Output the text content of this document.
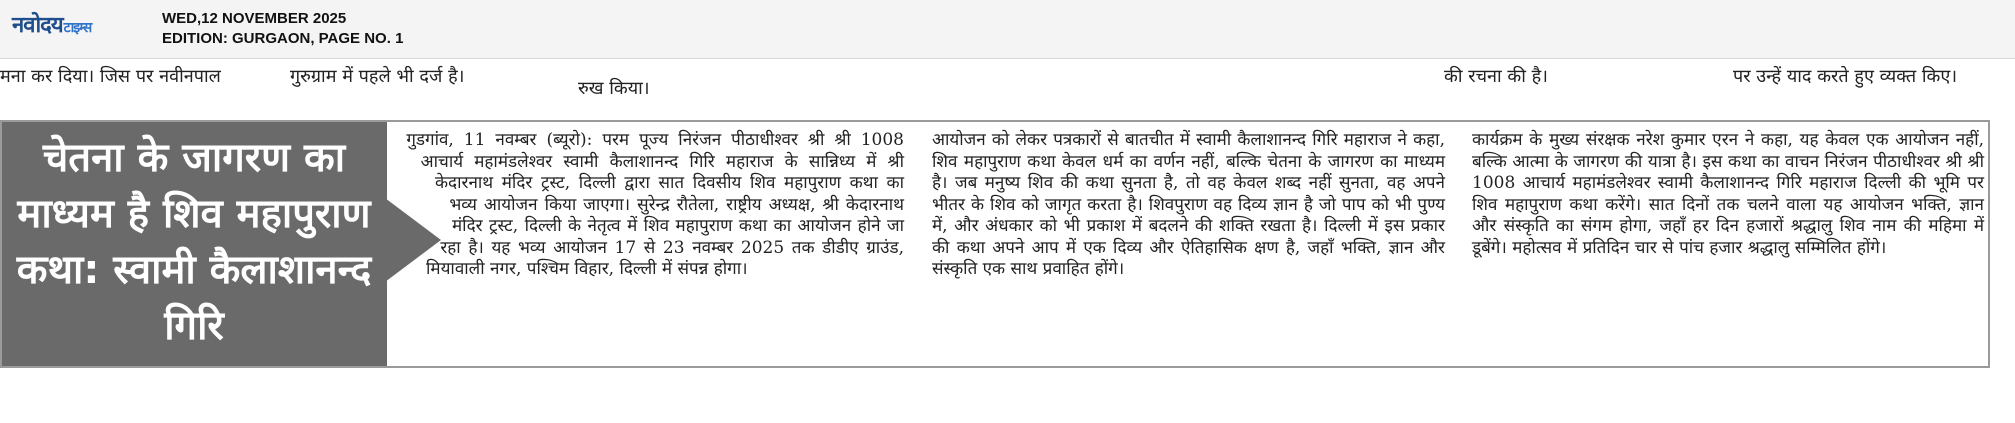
नवोदयटाइम्स
WED,12 NOVEMBER 2025
EDITION: GURGAON, PAGE NO. 1
मना कर दिया। जिस पर नवीनपाल	गुरुग्राम में पहले भी दर्ज है।
रुख किया।
की रचना की है।	पर उन्हें याद करते हुए व्यक्त किए।
चेतना के जागरण का माध्यम है शिव महापुराण कथा: स्वामी कैलाशानन्द गिरि

गुडगांव, 11 नवम्बर (ब्यूरो): परम पूज्य निरंजन पीठाधीश्वर श्री श्री 1008 आचार्य महामंडलेश्वर स्वामी कैलाशानन्द गिरि महाराज के सान्निध्य में श्री केदारनाथ मंदिर ट्रस्ट, दिल्ली द्वारा सात दिवसीय शिव महापुराण कथा का भव्य आयोजन किया जाएगा। सुरेन्द्र रौतेला, राष्ट्रीय अध्यक्ष, श्री केदारनाथ मंदिर ट्रस्ट, दिल्ली के नेतृत्व में शिव महापुराण कथा का आयोजन होने जा रहा है। यह भव्य आयोजन 17 से 23 नवम्बर 2025 तक डीडीए ग्राउंड, मियावाली नगर, पश्चिम विहार, दिल्ली में संपन्न होगा।

आयोजन को लेकर पत्रकारों से बातचीत में स्वामी कैलाशानन्द गिरि महाराज ने कहा, शिव महापुराण कथा केवल धर्म का वर्णन नहीं, बल्कि चेतना के जागरण का माध्यम है। जब मनुष्य शिव की कथा सुनता है, तो वह केवल शब्द नहीं सुनता, वह अपने भीतर के शिव को जागृत करता है। शिवपुराण वह दिव्य ज्ञान है जो पाप को भी पुण्य में, और अंधकार को भी प्रकाश में बदलने की शक्ति रखता है। दिल्ली में इस प्रकार की कथा अपने आप में एक दिव्य और ऐतिहासिक क्षण है, जहाँ भक्ति, ज्ञान और संस्कृति एक साथ प्रवाहित होंगे।

कार्यक्रम के मुख्य संरक्षक नरेश कुमार एरन ने कहा, यह केवल एक आयोजन नहीं, बल्कि आत्मा के जागरण की यात्रा है। इस कथा का वाचन निरंजन पीठाधीश्वर श्री श्री 1008 आचार्य महामंडलेश्वर स्वामी कैलाशानन्द गिरि महाराज दिल्ली की भूमि पर शिव महापुराण कथा करेंगे। सात दिनों तक चलने वाला यह आयोजन भक्ति, ज्ञान और संस्कृति का संगम होगा, जहाँ हर दिन हजारों श्रद्धालु शिव नाम की महिमा में डूबेंगे। महोत्सव में प्रतिदिन चार से पांच हजार श्रद्धालु सम्मिलित होंगे।
